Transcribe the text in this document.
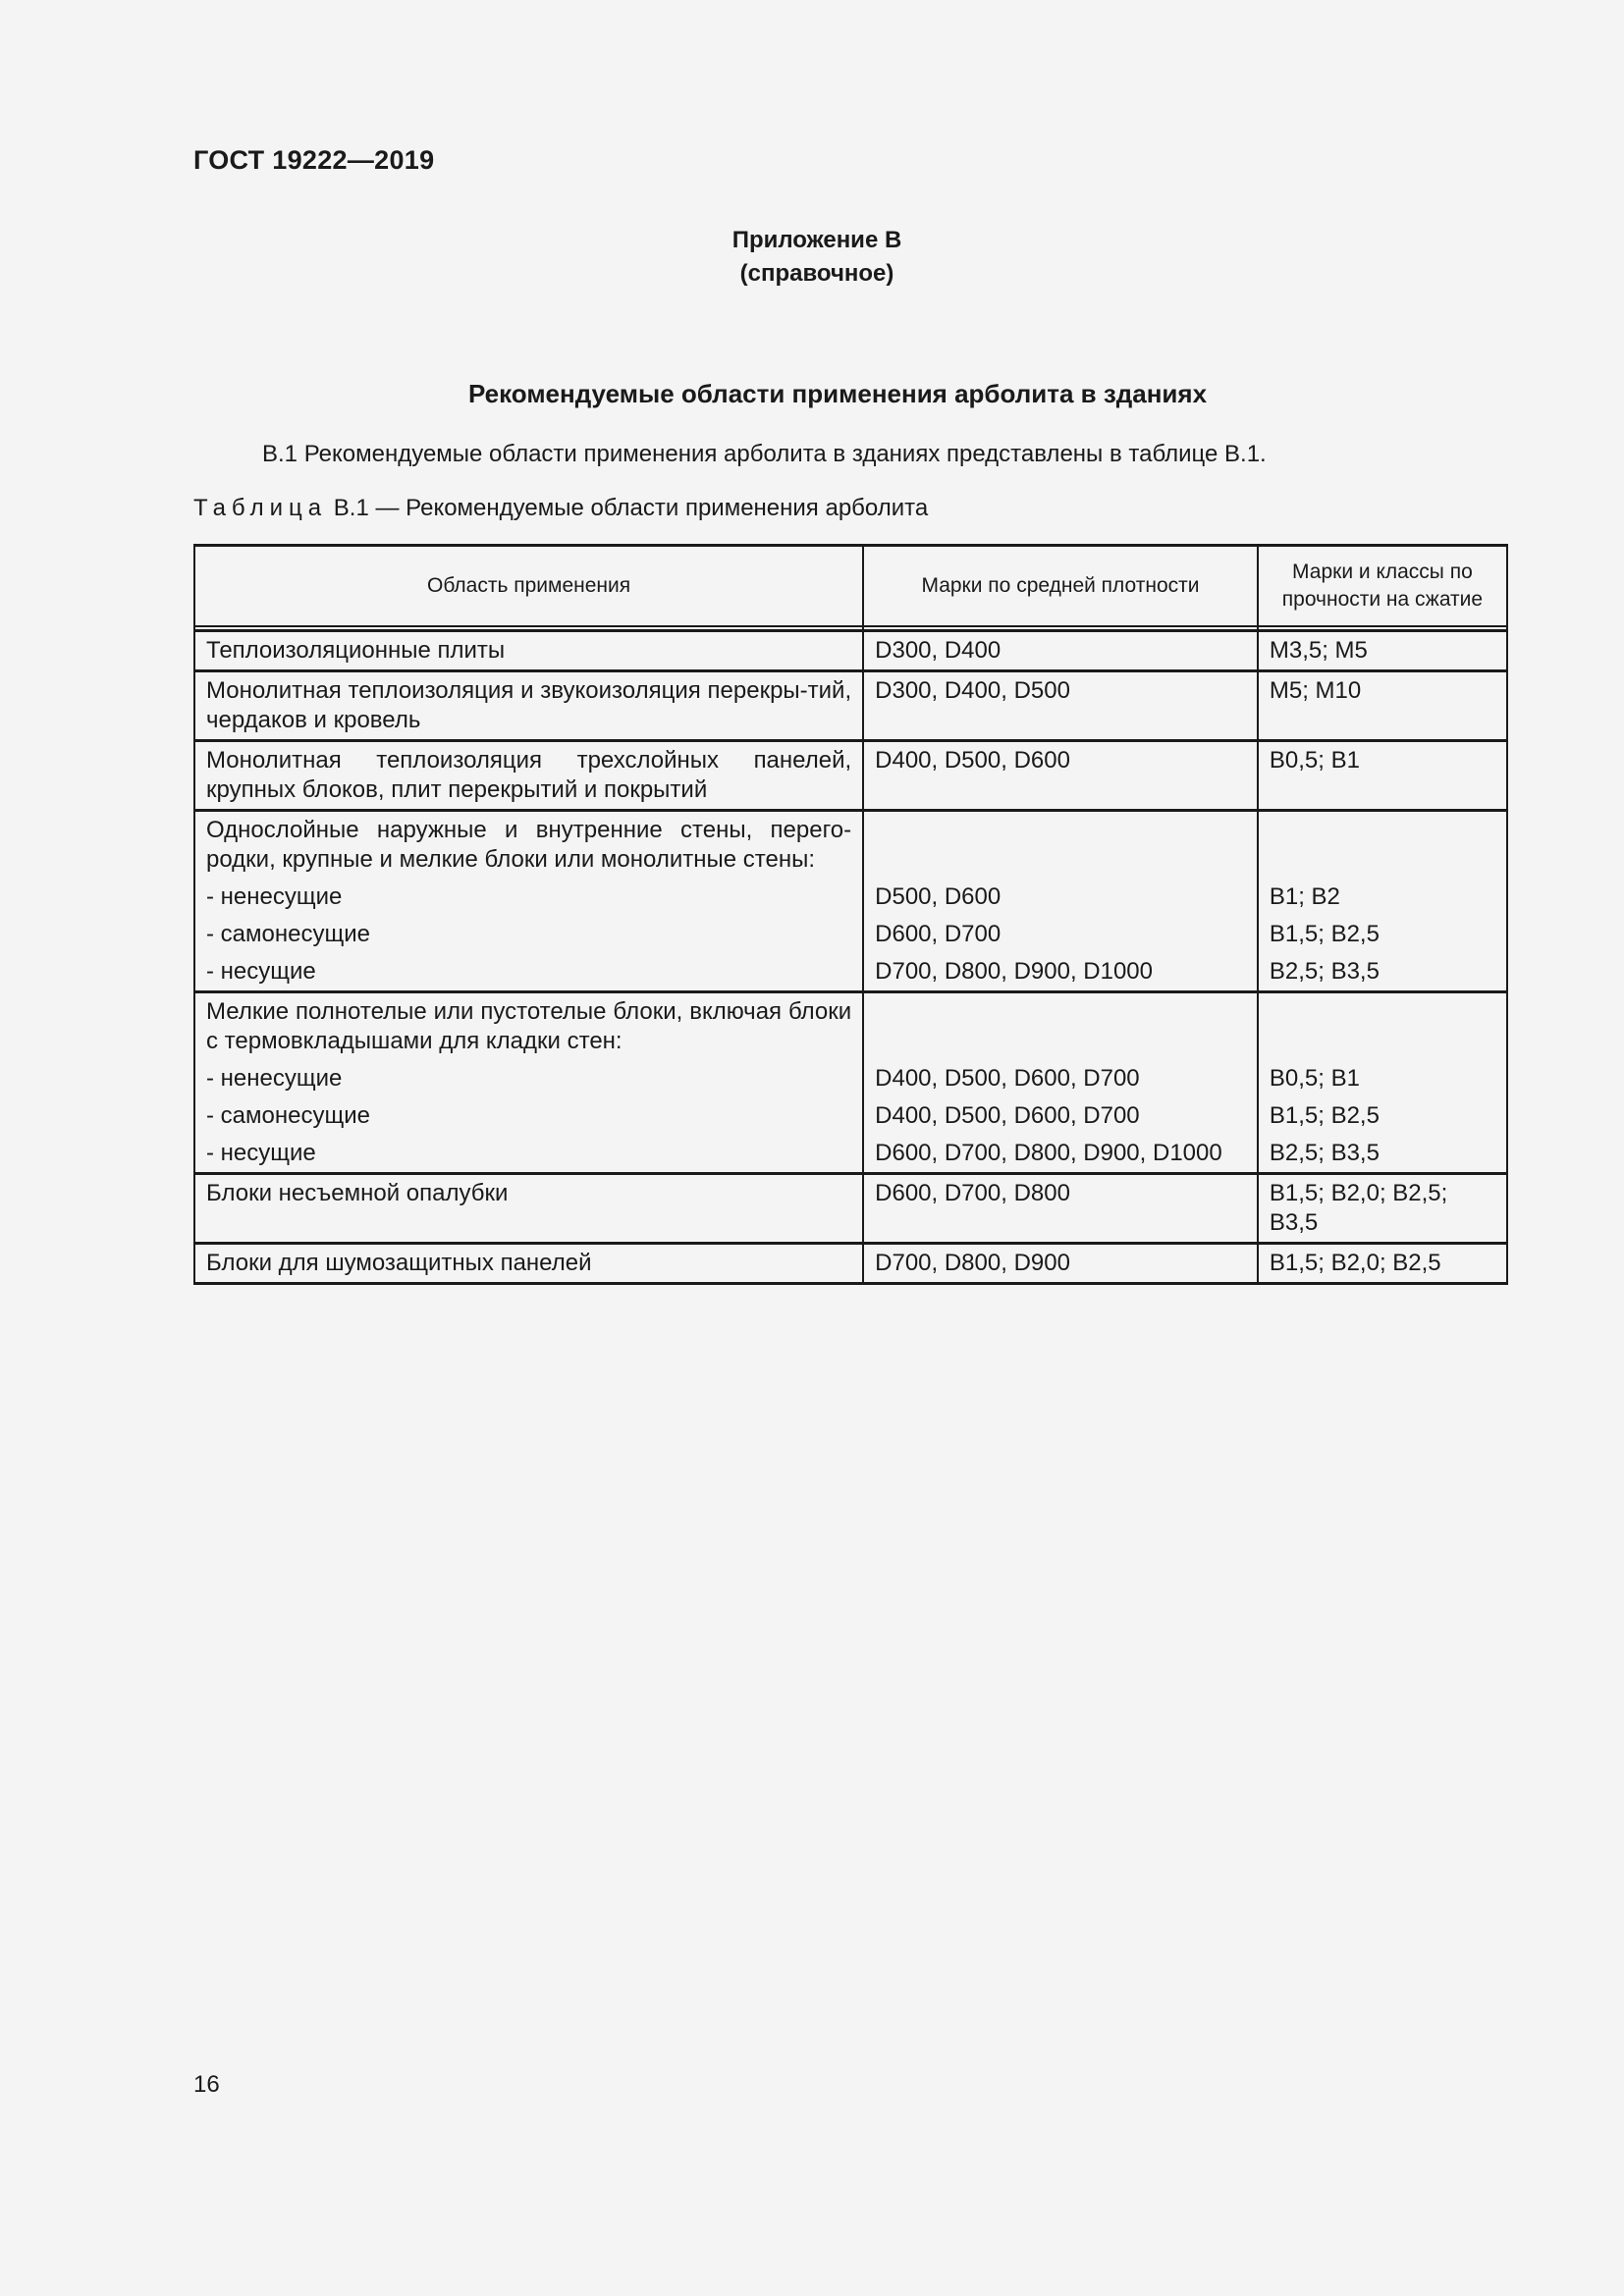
ГОСТ 19222—2019
Приложение В
(справочное)
Рекомендуемые области применения арболита в зданиях
В.1 Рекомендуемые области применения арболита в зданиях представлены в таблице В.1.
Таблица В.1 — Рекомендуемые области применения арболита
Область применения	Марки по средней плотности	Марки и классы по прочности на сжатие

Теплоизоляционные плиты	D300, D400	М3,5; М5
Монолитная теплоизоляция и звукоизоляция перекры-тий, чердаков и кровель	D300, D400, D500	М5; М10
Монолитная теплоизоляция трехслойных панелей, крупных блоков, плит перекрытий и покрытий	D400, D500, D600	В0,5; В1
Однослойные наружные и внутренние стены, перего-родки, крупные и мелкие блоки или монолитные стены:		
- ненесущие	D500, D600	В1; В2
- самонесущие	D600, D700	В1,5; В2,5
- несущие	D700, D800, D900, D1000	В2,5; В3,5
Мелкие полнотелые или пустотелые блоки, включая блоки с термовкладышами для кладки стен:		
- ненесущие	D400, D500, D600, D700	В0,5; В1
- самонесущие	D400, D500, D600, D700	В1,5; В2,5
- несущие	D600, D700, D800, D900, D1000	В2,5; В3,5
Блоки несъемной опалубки	D600, D700, D800	В1,5; В2,0; В2,5; В3,5
Блоки для шумозащитных панелей	D700, D800, D900	В1,5; В2,0; В2,5
16
